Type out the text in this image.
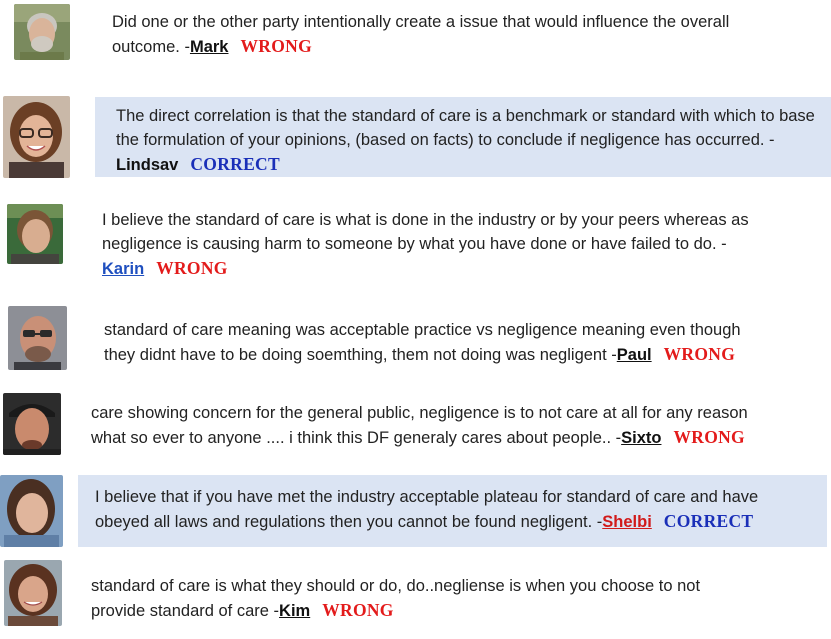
Did one or the other party intentionally create a issue that would influence the overall outcome. -Mark WRONG
The direct correlation is that the standard of care is a benchmark or standard with which to base the formulation of your opinions, (based on facts) to conclude if negligence has occurred. -Lindsav CORRECT
I believe the standard of care is what is done in the industry or by your peers whereas as negligence is causing harm to someone by what you have done or have failed to do. -Karin WRONG
standard of care meaning was acceptable practice vs negligence meaning even though they didnt have to be doing soemthing, them not doing was negligent -Paul WRONG
care showing concern for the general public, negligence is to not care at all for any reason what so ever to anyone .... i think this DF generaly cares about people.. -Sixto WRONG
I believe that if you have met the industry acceptable plateau for standard of care and have obeyed all laws and regulations then you cannot be found negligent. -Shelbi CORRECT
standard of care is what they should or do, do..negliense is when you choose to not provide standard of care -Kim WRONG
